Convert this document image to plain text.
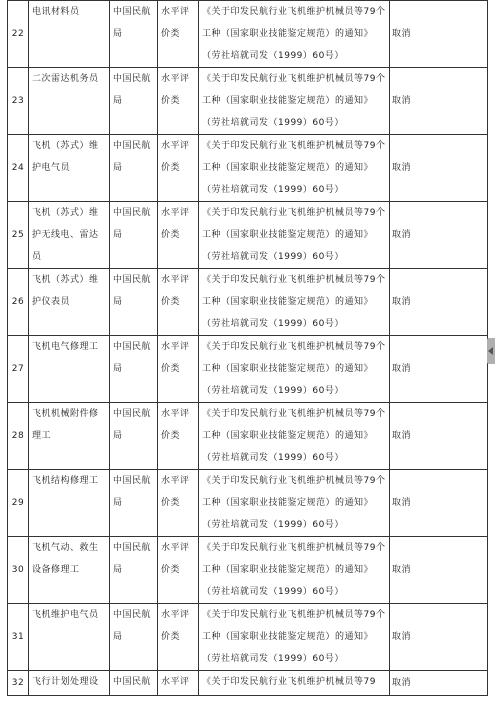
22	电讯材料员	中国民航局	水平评价类	《关于印发民航行业飞机维护机械员等79个工种（国家职业技能鉴定规范）的通知》（劳社培就司发（1999）60号）	取消
23	二次雷达机务员	中国民航局	水平评价类	《关于印发民航行业飞机维护机械员等79个工种（国家职业技能鉴定规范）的通知》（劳社培就司发（1999）60号）	取消
24	飞机（苏式）维护电气员	中国民航局	水平评价类	《关于印发民航行业飞机维护机械员等79个工种（国家职业技能鉴定规范）的通知》（劳社培就司发（1999）60号）	取消
25	飞机（苏式）维护无线电、雷达员	中国民航局	水平评价类	《关于印发民航行业飞机维护机械员等79个工种（国家职业技能鉴定规范）的通知》（劳社培就司发（1999）60号）	取消
26	飞机（苏式）维护仪表员	中国民航局	水平评价类	《关于印发民航行业飞机维护机械员等79个工种（国家职业技能鉴定规范）的通知》（劳社培就司发（1999）60号）	取消
27	飞机电气修理工	中国民航局	水平评价类	《关于印发民航行业飞机维护机械员等79个工种（国家职业技能鉴定规范）的通知》（劳社培就司发（1999）60号）	取消
28	飞机机械附件修理工	中国民航局	水平评价类	《关于印发民航行业飞机维护机械员等79个工种（国家职业技能鉴定规范）的通知》（劳社培就司发（1999）60号）	取消
29	飞机结构修理工	中国民航局	水平评价类	《关于印发民航行业飞机维护机械员等79个工种（国家职业技能鉴定规范）的通知》（劳社培就司发（1999）60号）	取消
30	飞机气动、救生设备修理工	中国民航局	水平评价类	《关于印发民航行业飞机维护机械员等79个工种（国家职业技能鉴定规范）的通知》（劳社培就司发（1999）60号）	取消
31	飞机维护电气员	中国民航局	水平评价类	《关于印发民航行业飞机维护机械员等79个工种（国家职业技能鉴定规范）的通知》（劳社培就司发（1999）60号）	取消
32	飞行计划处理设	中国民航	水平评	《关于印发民航行业飞机维护机械员等79	取消
